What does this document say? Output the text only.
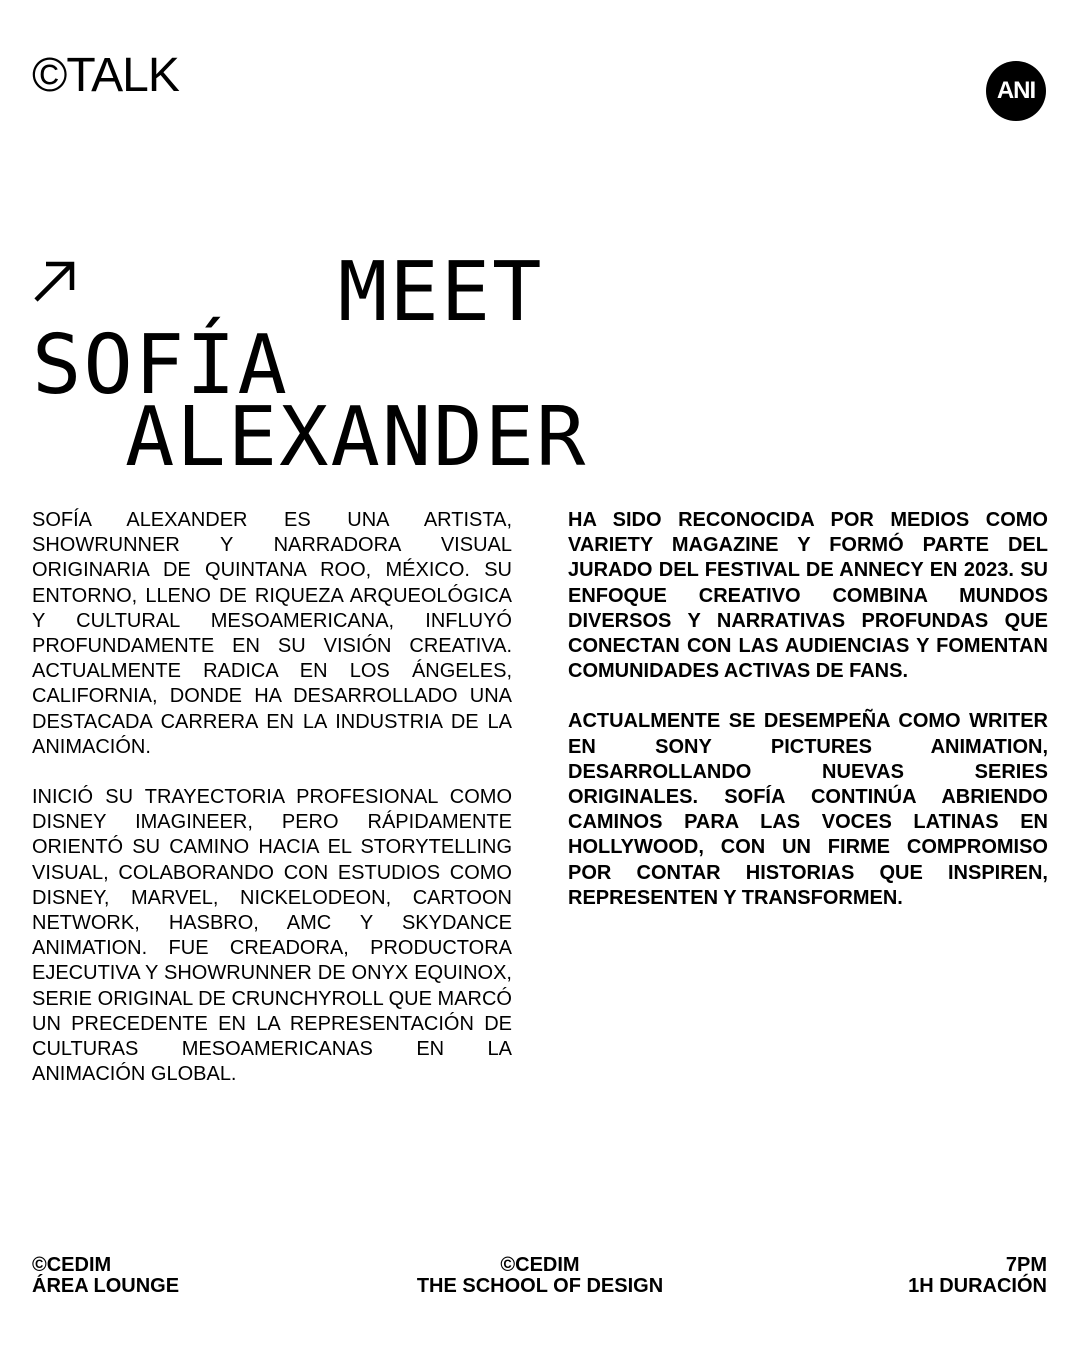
©TALK	ANI
MEET
SOFÍA
ALEXANDER

SOFÍA ALEXANDER ES UNA ARTISTA, SHOWRUNNER Y NARRADORA VISUAL ORIGINARIA DE QUINTANA ROO, MÉXICO. SU ENTORNO, LLENO DE RIQUEZA ARQUEOLÓGICA Y CULTURAL MESOAMERICANA, INFLUYÓ PROFUNDAMENTE EN SU VISIÓN CREATIVA. ACTUALMENTE RADICA EN LOS ÁNGELES, CALIFORNIA, DONDE HA DESARROLLADO UNA DESTACADA CARRERA EN LA INDUSTRIA DE LA ANIMACIÓN.

INICIÓ SU TRAYECTORIA PROFESIONAL COMO DISNEY IMAGINEER, PERO RÁPIDAMENTE ORIENTÓ SU CAMINO HACIA EL STORYTELLING VISUAL, COLABORANDO CON ESTUDIOS COMO DISNEY, MARVEL, NICKELODEON, CARTOON NETWORK, HASBRO, AMC Y SKYDANCE ANIMATION. FUE CREADORA, PRODUCTORA EJECUTIVA Y SHOWRUNNER DE ONYX EQUINOX, SERIE ORIGINAL DE CRUNCHYROLL QUE MARCÓ UN PRECEDENTE EN LA REPRESENTACIÓN DE CULTURAS MESOAMERICANAS EN LA ANIMACIÓN GLOBAL.

HA SIDO RECONOCIDA POR MEDIOS COMO VARIETY MAGAZINE Y FORMÓ PARTE DEL JURADO DEL FESTIVAL DE ANNECY EN 2023. SU ENFOQUE CREATIVO COMBINA MUNDOS DIVERSOS Y NARRATIVAS PROFUNDAS QUE CONECTAN CON LAS AUDIENCIAS Y FOMENTAN COMUNIDADES ACTIVAS DE FANS.

ACTUALMENTE SE DESEMPEÑA COMO WRITER EN SONY PICTURES ANIMATION, DESARROLLANDO NUEVAS SERIES ORIGINALES. SOFÍA CONTINÚA ABRIENDO CAMINOS PARA LAS VOCES LATINAS EN HOLLYWOOD, CON UN FIRME COMPROMISO POR CONTAR HISTORIAS QUE INSPIREN, REPRESENTEN Y TRANSFORMEN.

©CEDIM
ÁREA LOUNGE
©CEDIM
THE SCHOOL OF DESIGN
7PM
1H DURACIÓN
